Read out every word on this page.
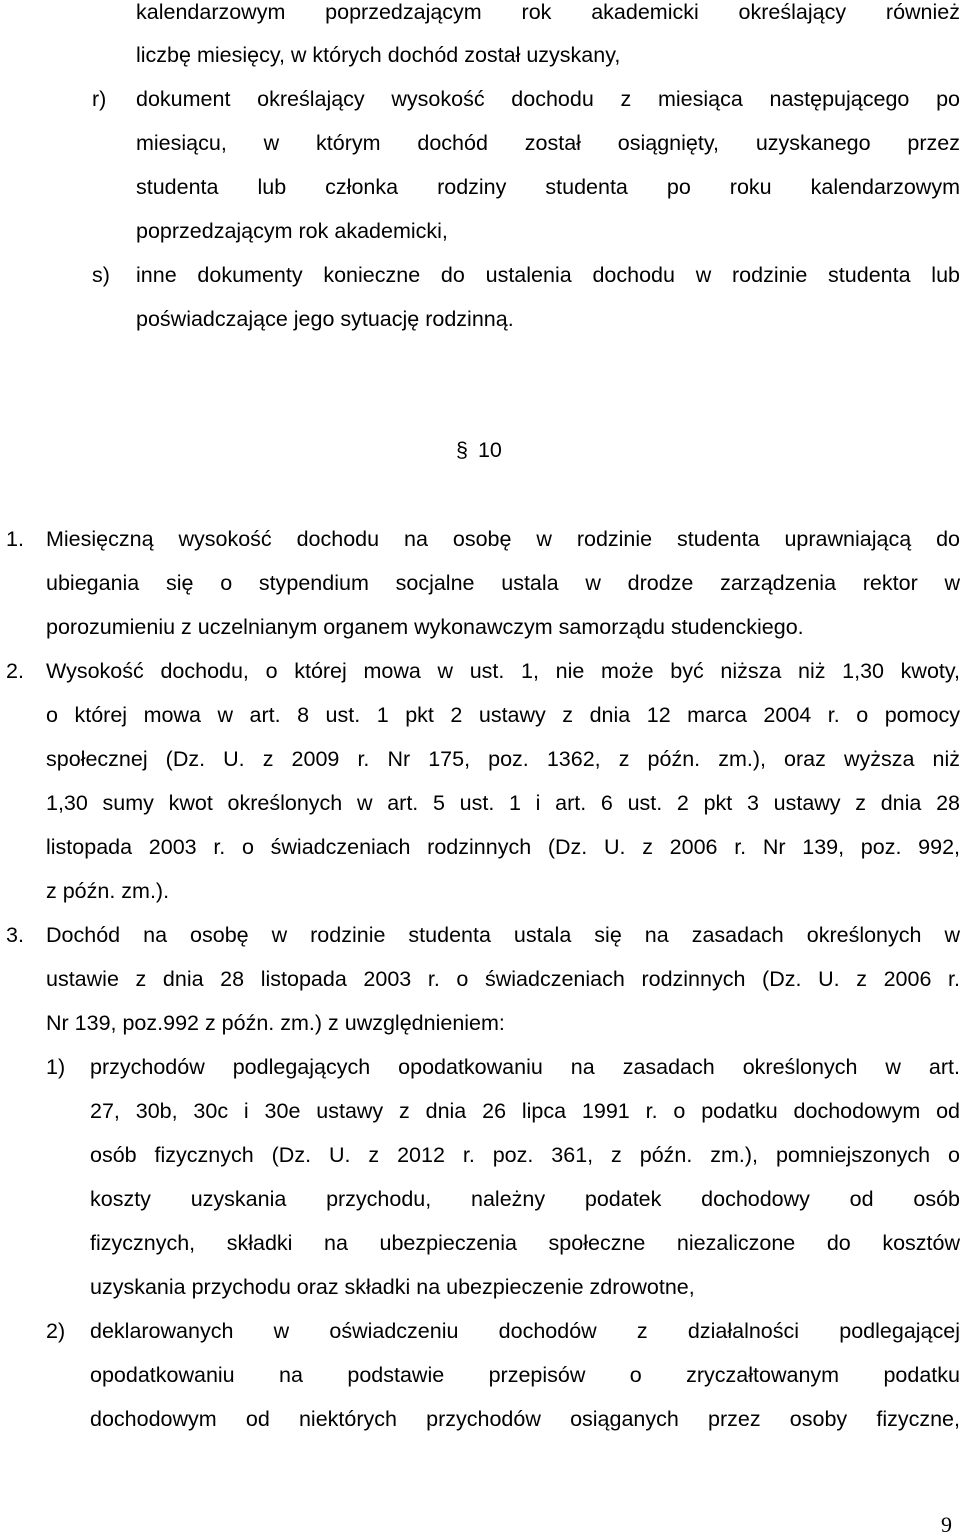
kalendarzowym poprzedzającym rok akademicki określający również
liczbę miesięcy, w których dochód został uzyskany,
r) dokument określający wysokość dochodu z miesiąca następującego po
miesiącu, w którym dochód został osiągnięty, uzyskanego przez
studenta lub członka rodziny studenta po roku kalendarzowym
poprzedzającym rok akademicki,
s) inne dokumenty konieczne do ustalenia dochodu w rodzinie studenta lub
poświadczające jego sytuację rodzinną.
§ 10
1. Miesięczną wysokość dochodu na osobę w rodzinie studenta uprawniającą do
ubiegania się o stypendium socjalne ustala w drodze zarządzenia rektor w
porozumieniu z uczelnianym organem wykonawczym samorządu studenckiego.
2. Wysokość dochodu, o której mowa w ust. 1, nie może być niższa niż 1,30 kwoty,
o której mowa w art. 8 ust. 1 pkt 2 ustawy z dnia 12 marca 2004 r. o pomocy
społecznej (Dz. U. z 2009 r. Nr 175, poz. 1362, z późn. zm.), oraz wyższa niż
1,30 sumy kwot określonych w art. 5 ust. 1 i art. 6 ust. 2 pkt 3 ustawy z dnia 28
listopada 2003 r. o świadczeniach rodzinnych (Dz. U. z 2006 r. Nr 139, poz. 992,
z późn. zm.).
3. Dochód na osobę w rodzinie studenta ustala się na zasadach określonych w
ustawie z dnia 28 listopada 2003 r. o świadczeniach rodzinnych (Dz. U. z 2006 r.
Nr 139, poz.992 z późn. zm.) z uwzględnieniem:
1) przychodów podlegających opodatkowaniu na zasadach określonych w art.
27, 30b, 30c i 30e ustawy z dnia 26 lipca 1991 r. o podatku dochodowym od
osób fizycznych (Dz. U. z 2012 r. poz. 361, z późn. zm.), pomniejszonych o
koszty uzyskania przychodu, należny podatek dochodowy od osób
fizycznych, składki na ubezpieczenia społeczne niezaliczone do kosztów
uzyskania przychodu oraz składki na ubezpieczenie zdrowotne,
2) deklarowanych w oświadczeniu dochodów z działalności podlegającej
opodatkowaniu na podstawie przepisów o zryczałtowanym podatku
dochodowym od niektórych przychodów osiąganych przez osoby fizyczne,
9
